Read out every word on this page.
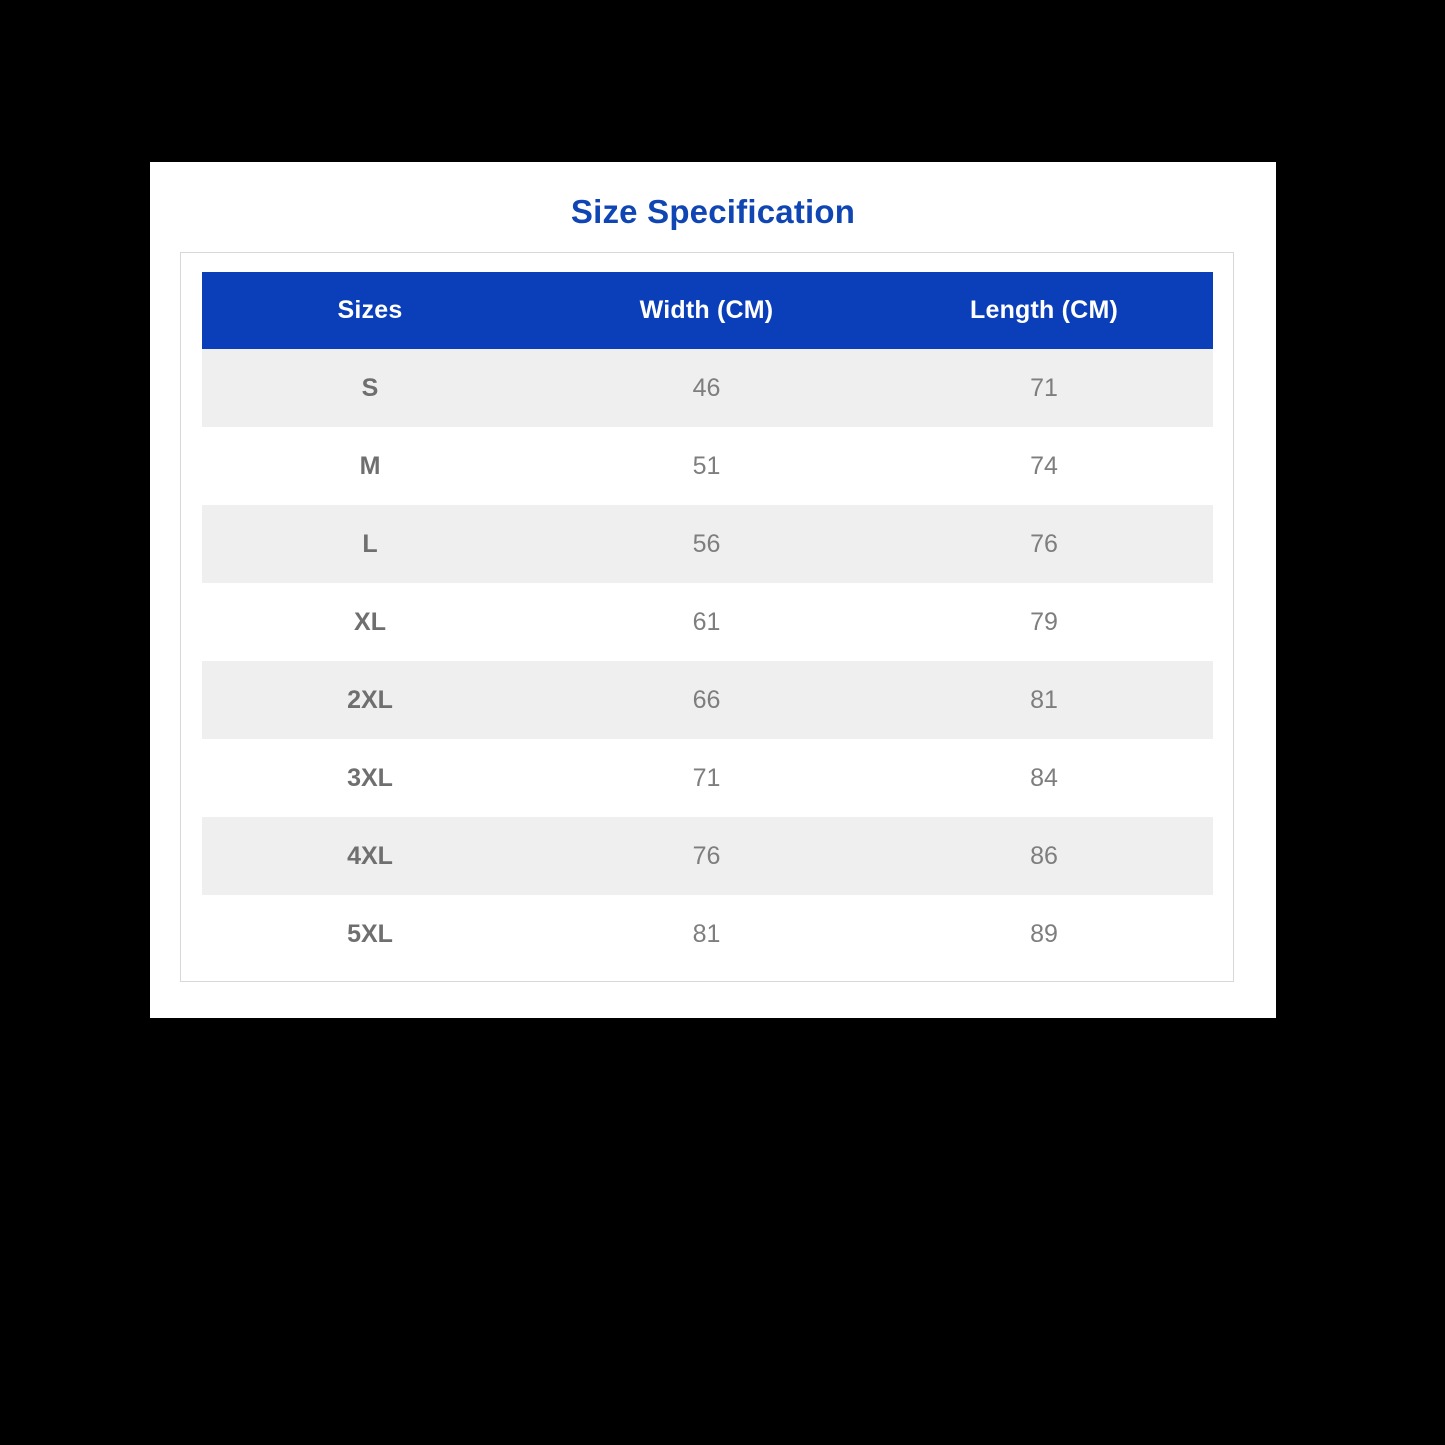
Size Specification
Sizes	Width (CM)	Length (CM)
S	46	71
M	51	74
L	56	76
XL	61	79
2XL	66	81
3XL	71	84
4XL	76	86
5XL	81	89
